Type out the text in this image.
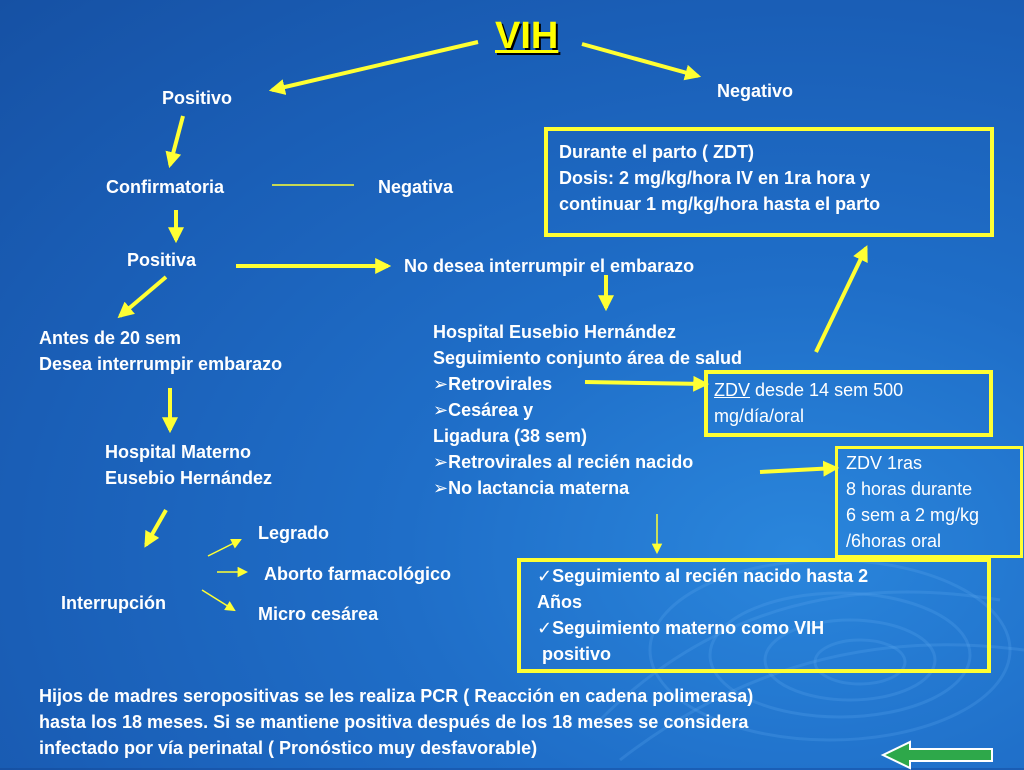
VIH
Positivo	Negativo
Confirmatoria	Negativa
Positiva	No desea interrumpir el embarazo
Antes de 20 sem
Desea interrumpir embarazo
Hospital Materno
Eusebio Hernández
Interrupción
Legrado
Aborto farmacológico
Micro cesárea
Hospital Eusebio Hernández
Seguimiento conjunto área de salud
➢Retrovirales
➢Cesárea y
Ligadura (38 sem)
➢Retrovirales al recién nacido
➢No lactancia materna
Durante el parto ( ZDT)
Dosis: 2 mg/kg/hora IV en 1ra hora y
continuar 1 mg/kg/hora hasta el parto
ZDV desde 14 sem 500
mg/día/oral
ZDV 1ras
8 horas durante
6 sem a 2 mg/kg
/6horas oral
✓Seguimiento al recién nacido hasta 2
Años
✓Seguimiento materno como VIH
positivo
Hijos de madres seropositivas se les realiza PCR ( Reacción en cadena polimerasa)
hasta los 18 meses. Si se mantiene positiva después de los 18 meses se considera
infectado por vía perinatal ( Pronóstico muy desfavorable)
